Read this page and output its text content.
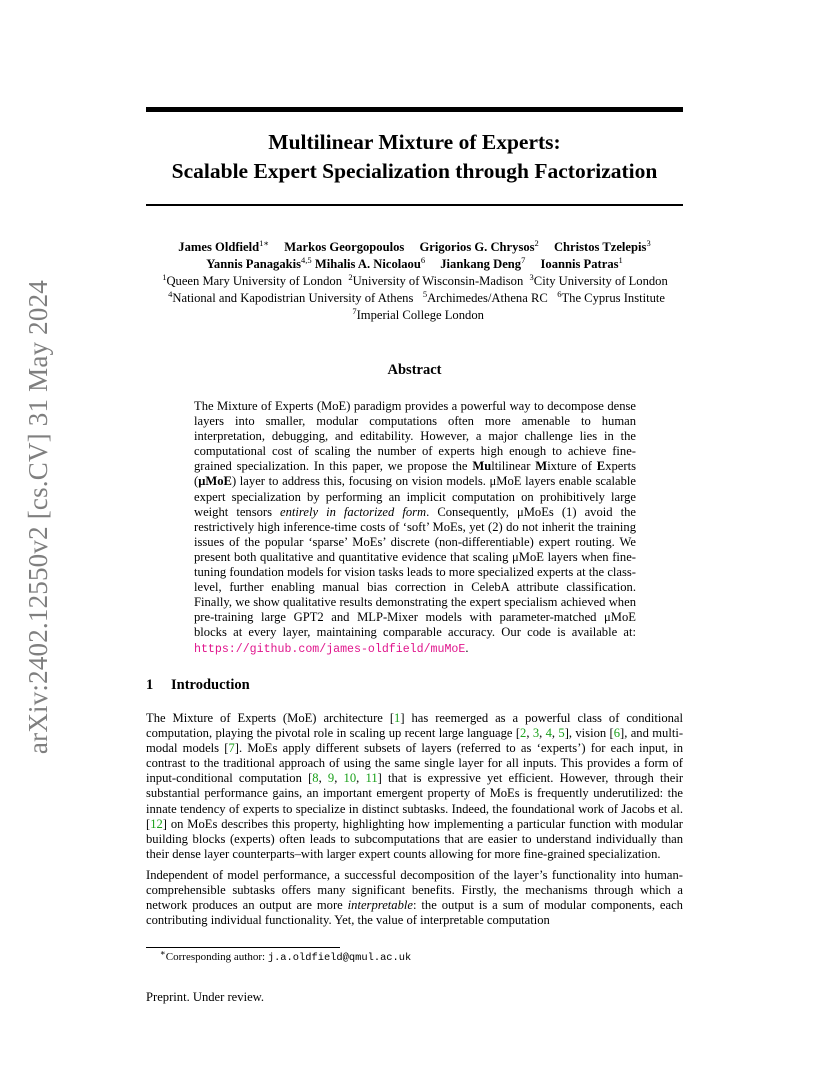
arXiv:2402.12550v2 [cs.CV] 31 May 2024
Multilinear Mixture of Experts:
Scalable Expert Specialization through Factorization
James Oldfield$^{1∗}$ Markos Georgopoulos Grigorios G. Chrysos$^2$ Christos Tzelepis$^3$
Yannis Panagakis$^{4,5}$ Mihalis A. Nicolaou$^6$ Jiankang Deng$^7$ Ioannis Patras$^1$
$^1$Queen Mary University of London $^2$University of Wisconsin-Madison $^3$City University of London  $^4$National and Kapodistrian University of Athens $^5$Archimedes/Athena RC $^6$The Cyprus Institute   $^7$Imperial College London
Abstract
The Mixture of Experts (MoE) paradigm provides a powerful way to decompose dense layers into smaller, modular computations often more amenable to human interpretation, debugging, and editability. However, a major challenge lies in the computational cost of scaling the number of experts high enough to achieve fine-grained specialization. In this paper, we propose the Multilinear Mixture of Experts (μMoE) layer to address this, focusing on vision models. μMoE layers enable scalable expert specialization by performing an implicit computation on prohibitively large weight tensors entirely in factorized form. Consequently, μMoEs (1) avoid the restrictively high inference-time costs of ‘soft’ MoEs, yet (2) do not inherit the training issues of the popular ‘sparse’ MoEs’ discrete (non-differentiable) expert routing. We present both qualitative and quantitative evidence that scaling μMoE layers when fine-tuning foundation models for vision tasks leads to more specialized experts at the class-level, further enabling manual bias correction in CelebA attribute classification. Finally, we show qualitative results demonstrating the expert specialism achieved when pre-training large GPT2 and MLP-Mixer models with parameter-matched μMoE blocks at every layer, maintaining comparable accuracy. Our code is available at: https://github.com/james-oldfield/muMoE.
1 Introduction

The Mixture of Experts (MoE) architecture [1] has reemerged as a powerful class of conditional computation, playing the pivotal role in scaling up recent large language [2, 3, 4, 5], vision [6], and multi-modal models [7]. MoEs apply different subsets of layers (referred to as ‘experts’) for each input, in contrast to the traditional approach of using the same single layer for all inputs. This provides a form of input-conditional computation [8, 9, 10, 11] that is expressive yet efficient. However, through their substantial performance gains, an important emergent property of MoEs is frequently underutilized: the innate tendency of experts to specialize in distinct subtasks. Indeed, the foundational work of Jacobs et al. [12] on MoEs describes this property, highlighting how implementing a particular function with modular building blocks (experts) often leads to subcomputations that are easier to understand individually than their dense layer counterparts–with larger expert counts allowing for more fine-grained specialization.

Independent of model performance, a successful decomposition of the layer’s functionality into human-comprehensible subtasks offers many significant benefits. Firstly, the mechanisms through which a network produces an output are more interpretable: the output is a sum of modular components, each contributing individual functionality. Yet, the value of interpretable computation

∗Corresponding author: j.a.oldfield@qmul.ac.uk
Preprint. Under review.
